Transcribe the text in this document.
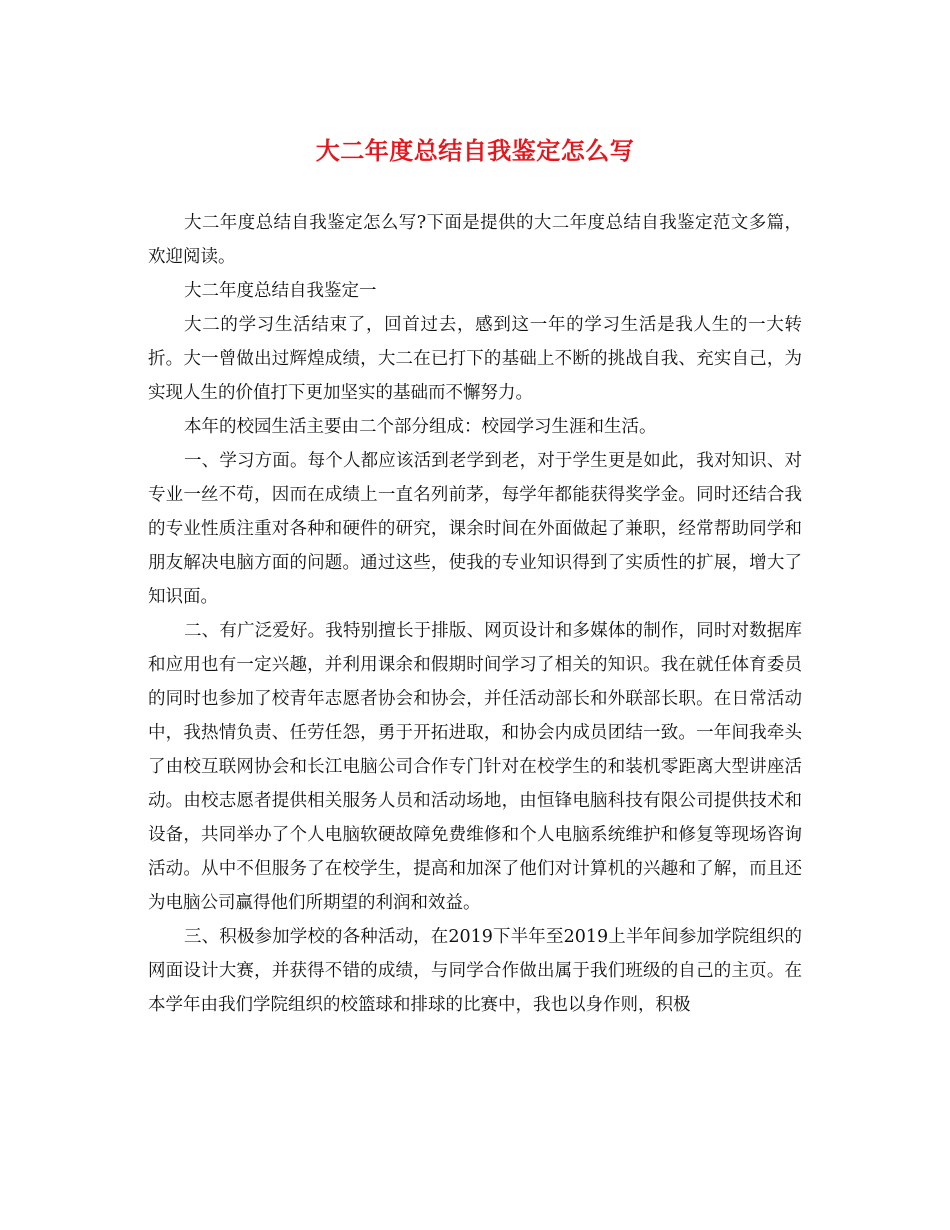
大二年度总结自我鉴定怎么写

大二年度总结自我鉴定怎么写?下面是提供的大二年度总结自我鉴定范文多篇，欢迎阅读。

大二年度总结自我鉴定一

大二的学习生活结束了，回首过去，感到这一年的学习生活是我人生的一大转折。大一曾做出过辉煌成绩，大二在已打下的基础上不断的挑战自我、充实自己，为实现人生的价值打下更加坚实的基础而不懈努力。

本年的校园生活主要由二个部分组成：校园学习生涯和生活。

一、学习方面。每个人都应该活到老学到老，对于学生更是如此，我对知识、对专业一丝不苟，因而在成绩上一直名列前茅，每学年都能获得奖学金。同时还结合我的专业性质注重对各种和硬件的研究，课余时间在外面做起了兼职，经常帮助同学和朋友解决电脑方面的问题。通过这些，使我的专业知识得到了实质性的扩展，增大了知识面。

二、有广泛爱好。我特别擅长于排版、网页设计和多媒体的制作，同时对数据库和应用也有一定兴趣，并利用课余和假期时间学习了相关的知识。我在就任体育委员的同时也参加了校青年志愿者协会和协会，并任活动部长和外联部长职。在日常活动中，我热情负责、任劳任怨，勇于开拓进取，和协会内成员团结一致。一年间我牵头了由校互联网协会和长江电脑公司合作专门针对在校学生的和装机零距离大型讲座活动。由校志愿者提供相关服务人员和活动场地，由恒锋电脑科技有限公司提供技术和设备，共同举办了个人电脑软硬故障免费维修和个人电脑系统维护和修复等现场咨询活动。从中不但服务了在校学生，提高和加深了他们对计算机的兴趣和了解，而且还为电脑公司赢得他们所期望的利润和效益。

三、积极参加学校的各种活动，在2019下半年至2019上半年间参加学院组织的网面设计大赛，并获得不错的成绩，与同学合作做出属于我们班级的自己的主页。在本学年由我们学院组织的校篮球和排球的比赛中，我也以身作则，积极
